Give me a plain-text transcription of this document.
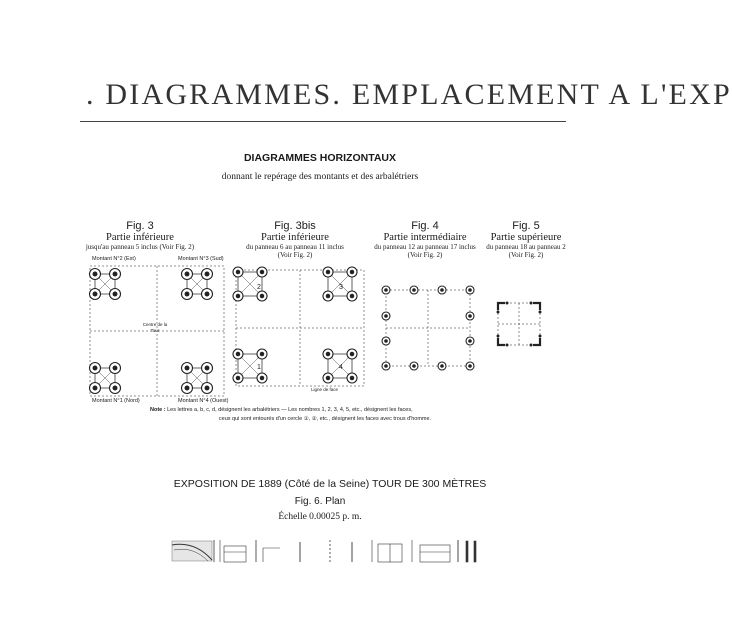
. DIAGRAMMES. EMPLACEMENT A L'EXP
DIAGRAMMES HORIZONTAUX
donnant le repérage des montants et des arbalétriers
Fig. 3
Partie inférieure
jusqu'au panneau 5 inclus (Voir Fig. 2)
Fig. 3bis
Partie inférieure
du panneau 6 au panneau 11 inclus
(Voir Fig. 2)
Fig. 4
Partie intermédiaire
du panneau 12 au panneau 17 inclus
(Voir Fig. 2)
Fig. 5
Partie supérieure
du panneau 18 au panneau 2
(Voir Fig. 2)
Montant N°2 (Est)	Montant N°3 (Sud)
Montant N°1 (Nord)	Montant N°4 (Ouest)
Centre de la Tour
2	3
1	4
Ligne de face
Note : Les lettres a, b, c, d, désignent les arbalétriers — Les nombres 1, 2, 3, 4, 5, etc., désignent les faces,
ceux qui sont entourés d'un cercle ①, ②, etc., désignent les faces avec trous d'homme.
EXPOSITION DE 1889 (Côté de la Seine) TOUR DE 300 MÈTRES
Fig. 6. Plan
Échelle 0.00025 p. m.
